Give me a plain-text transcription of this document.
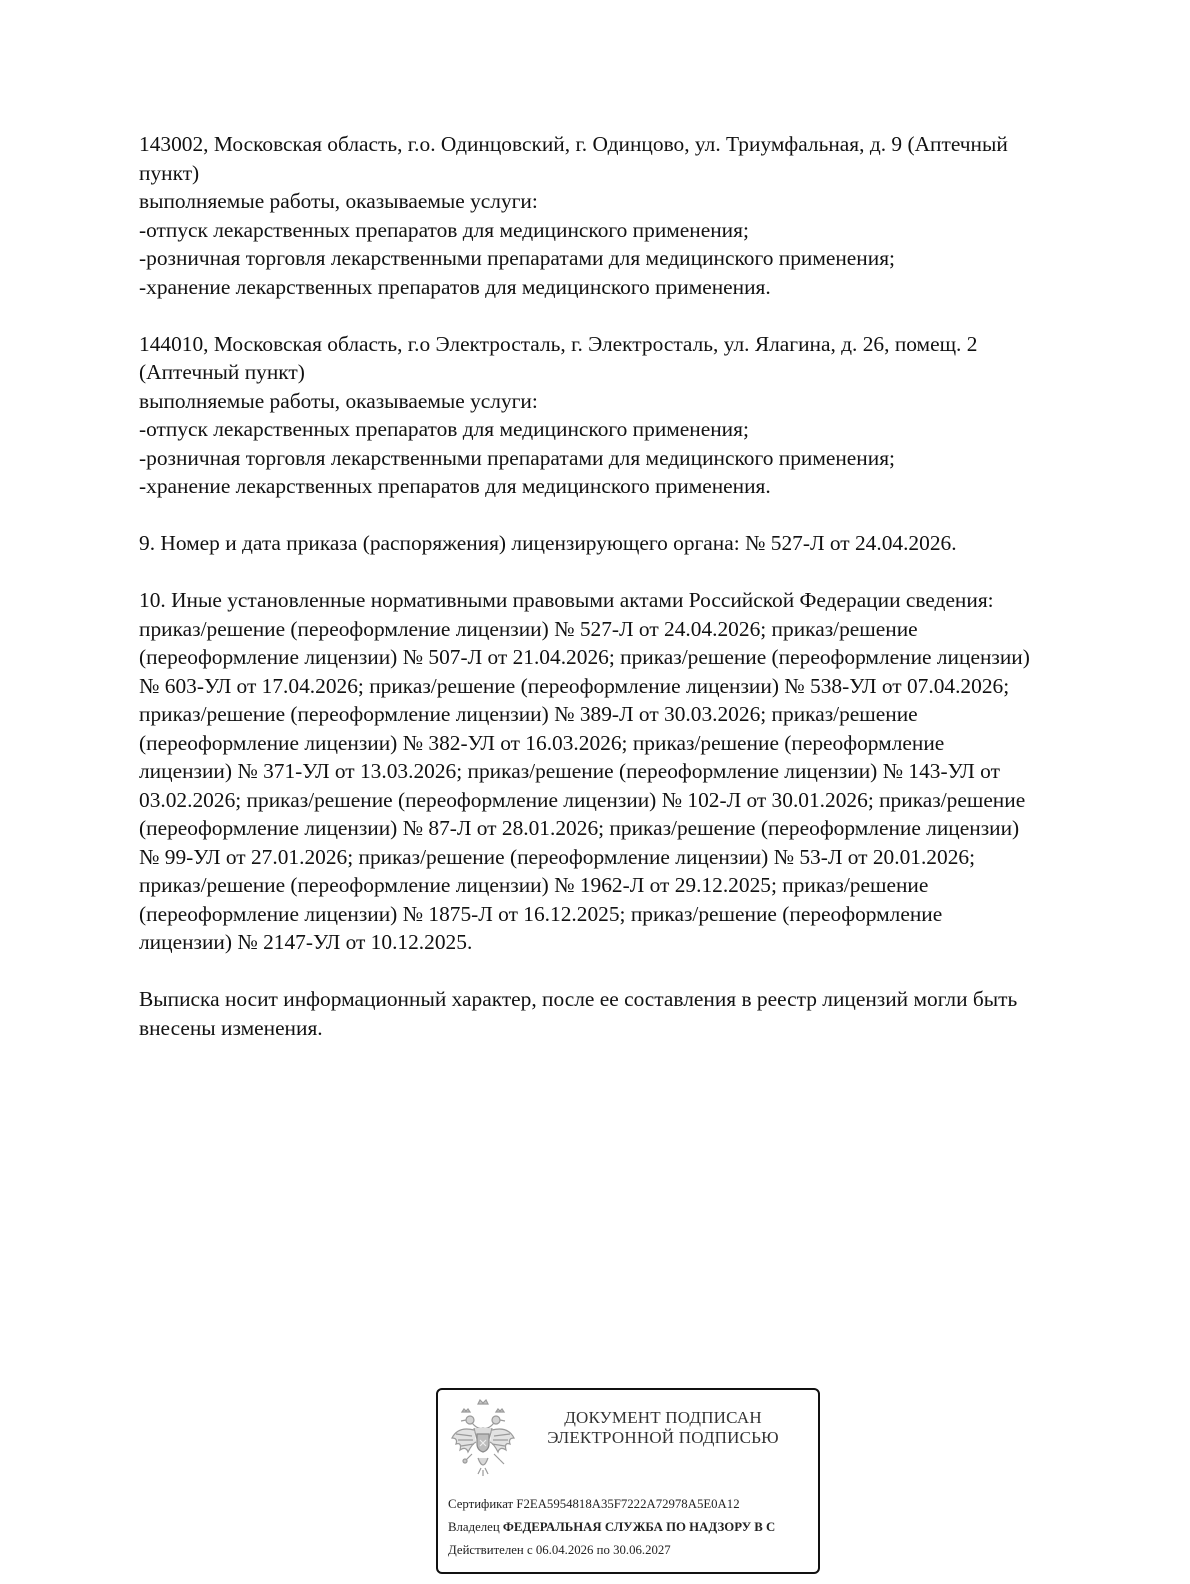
143002, Московская область, г.о. Одинцовский, г. Одинцово, ул. Триумфальная, д. 9 (Аптечный
пункт)
выполняемые работы, оказываемые услуги:
-отпуск лекарственных препаратов для медицинского применения;
-розничная торговля лекарственными препаратами для медицинского применения;
-хранение лекарственных препаратов для медицинского применения.
144010, Московская область, г.о Электросталь, г. Электросталь, ул. Ялагина, д. 26, помещ. 2
(Аптечный пункт)
выполняемые работы, оказываемые услуги:
-отпуск лекарственных препаратов для медицинского применения;
-розничная торговля лекарственными препаратами для медицинского применения;
-хранение лекарственных препаратов для медицинского применения.
9. Номер и дата приказа (распоряжения) лицензирующего органа: № 527-Л от 24.04.2026.
10. Иные установленные нормативными правовыми актами Российской Федерации сведения:
приказ/решение (переоформление лицензии) № 527-Л от 24.04.2026; приказ/решение
(переоформление лицензии) № 507-Л от 21.04.2026; приказ/решение (переоформление лицензии)
№ 603-УЛ от 17.04.2026; приказ/решение (переоформление лицензии) № 538-УЛ от 07.04.2026;
приказ/решение (переоформление лицензии) № 389-Л от 30.03.2026; приказ/решение
(переоформление лицензии) № 382-УЛ от 16.03.2026; приказ/решение (переоформление
лицензии) № 371-УЛ от 13.03.2026; приказ/решение (переоформление лицензии) № 143-УЛ от
03.02.2026; приказ/решение (переоформление лицензии) № 102-Л от 30.01.2026; приказ/решение
(переоформление лицензии) № 87-Л от 28.01.2026; приказ/решение (переоформление лицензии)
№ 99-УЛ от 27.01.2026; приказ/решение (переоформление лицензии) № 53-Л от 20.01.2026;
приказ/решение (переоформление лицензии) № 1962-Л от 29.12.2025; приказ/решение
(переоформление лицензии) № 1875-Л от 16.12.2025; приказ/решение (переоформление
лицензии) № 2147-УЛ от 10.12.2025.
Выписка носит информационный характер, после ее составления в реестр лицензий могли быть
внесены изменения.
ДОКУМЕНТ ПОДПИСАН
ЭЛЕКТРОННОЙ ПОДПИСЬЮ
Сертификат F2EA5954818A35F7222A72978A5E0A12
Владелец ФЕДЕРАЛЬНАЯ СЛУЖБА ПО НАДЗОРУ В С
Действителен с 06.04.2026 по 30.06.2027
